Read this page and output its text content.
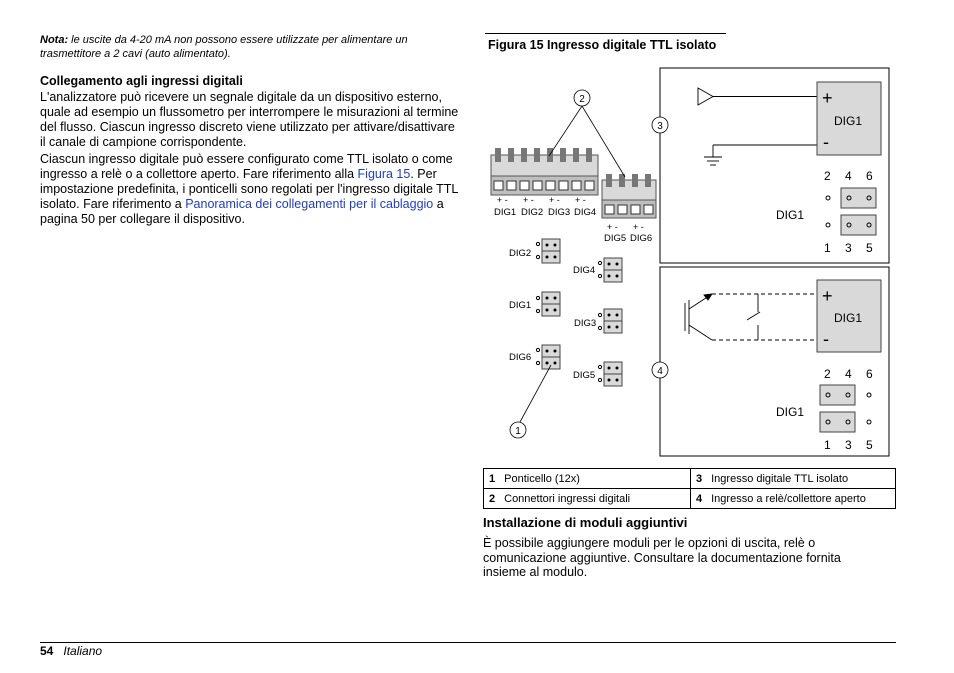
Nota: le uscite da 4-20 mA non possono essere utilizzate per alimentare un trasmettitore a 2 cavi (auto alimentato).
Collegamento agli ingressi digitali
L'analizzatore può ricevere un segnale digitale da un dispositivo esterno, quale ad esempio un flussometro per interrompere le misurazioni al termine del flusso. Ciascun ingresso discreto viene utilizzato per attivare/disattivare il canale di campione corrispondente.
Ciascun ingresso digitale può essere configurato come TTL isolato o come ingresso a relè o a collettore aperto. Fare riferimento alla Figura 15. Per impostazione predefinita, i ponticelli sono regolati per l'ingresso digitale TTL isolato. Fare riferimento a Panoramica dei collegamenti per il cablaggio a pagina 50 per collegare il dispositivo.
Figura 15 Ingresso digitale TTL isolato
+ - + - + - + -
+ - + -
DIG1 DIG2 DIG3 DIG4
DIG5 DIG6
2
DIG2
DIG1
DIG6
DIG4
DIG3
DIG5
1
3
4
+
-
DIG1
2 4 6
1 3 5
DIG1
+
-
DIG1
2 4 6
1 3 5
DIG1
1 Ponticello (12x)	3 Ingresso digitale TTL isolato
2 Connettori ingressi digitali	4 Ingresso a relè/collettore aperto
Installazione di moduli aggiuntivi
È possibile aggiungere moduli per le opzioni di uscita, relè o comunicazione aggiuntive. Consultare la documentazione fornita insieme al modulo.
54 Italiano
